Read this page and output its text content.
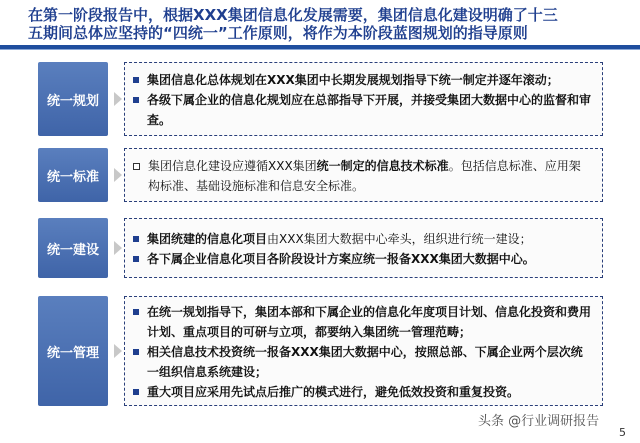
在第一阶段报告中，根据XXX集团信息化发展需要，集团信息化建设明确了十三
五期间总体应坚持的“四统一”工作原则，将作为本阶段蓝图规划的指导原则
统一规划
集团信息化总体规划在XXX集团中长期发展规划指导下统一制定并逐年滚动；
各级下属企业的信息化规划应在总部指导下开展，并接受集团大数据中心的监督和审查。
统一标准
集团信息化建设应遵循XXX集团统一制定的信息技术标准。包括信息标准、应用架构标准、基础设施标准和信息安全标准。
统一建设
集团统建的信息化项目由XXX集团大数据中心牵头，组织进行统一建设；
各下属企业信息化项目各阶段设计方案应统一报备XXX集团大数据中心。
统一管理
在统一规划指导下，集团本部和下属企业的信息化年度项目计划、信息化投资和费用计划、重点项目的可研与立项，都要纳入集团统一管理范畴；
相关信息技术投资统一报备XXX集团大数据中心，按照总部、下属企业两个层次统一组织信息系统建设；
重大项目应采用先试点后推广的模式进行，避免低效投资和重复投资。
头条 @行业调研报告
5
